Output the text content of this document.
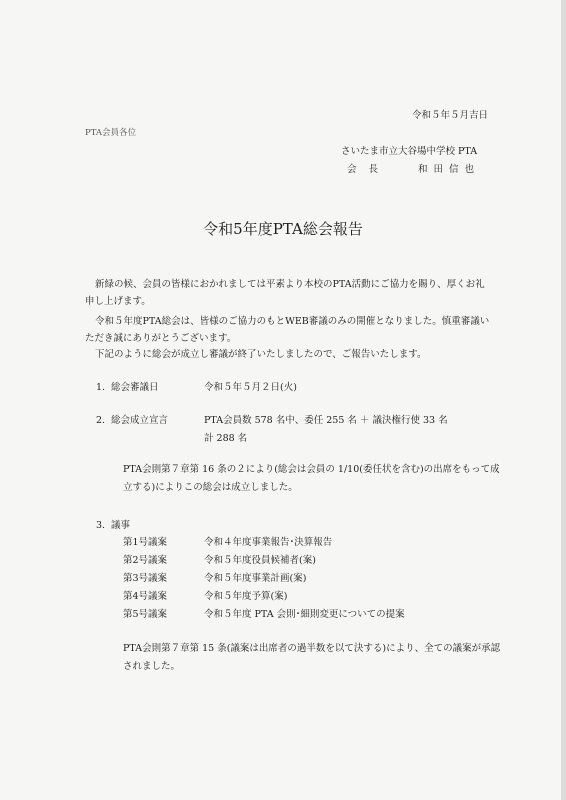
令和５年５月吉日
PTA会員各位
さいたま市立大谷場中学校 PTA
会長	和田信也
令和5年度PTA総会報告
新緑の候、会員の皆様におかれましては平素より本校のPTA活動にご協力を賜り、厚くお礼申し上げます。
令和５年度PTA総会は、皆様のご協力のもとWEB審議のみの開催となりました。慎重審議いただき誠にありがとうございます。
下記のように総会が成立し審議が終了いたしましたので、ご報告いたします。
1. 総会審議日	令和５年５月２日(火)
2. 総会成立宣言	PTA会員数 578 名中、委任 255 名 ＋ 議決権行使 33 名
計 288 名
PTA会則第７章第 16 条の２により(総会は会員の 1/10(委任状を含む)の出席をもって成立する)によりこの総会は成立しました。
3. 議事
第1号議案	令和４年度事業報告･決算報告
第2号議案	令和５年度役員候補者(案)
第3号議案	令和５年度事業計画(案)
第4号議案	令和５年度予算(案)
第5号議案	令和５年度 PTA 会則･細則変更についての提案
PTA会則第７章第 15 条(議案は出席者の過半数を以て決する)により、全ての議案が承認されました。
